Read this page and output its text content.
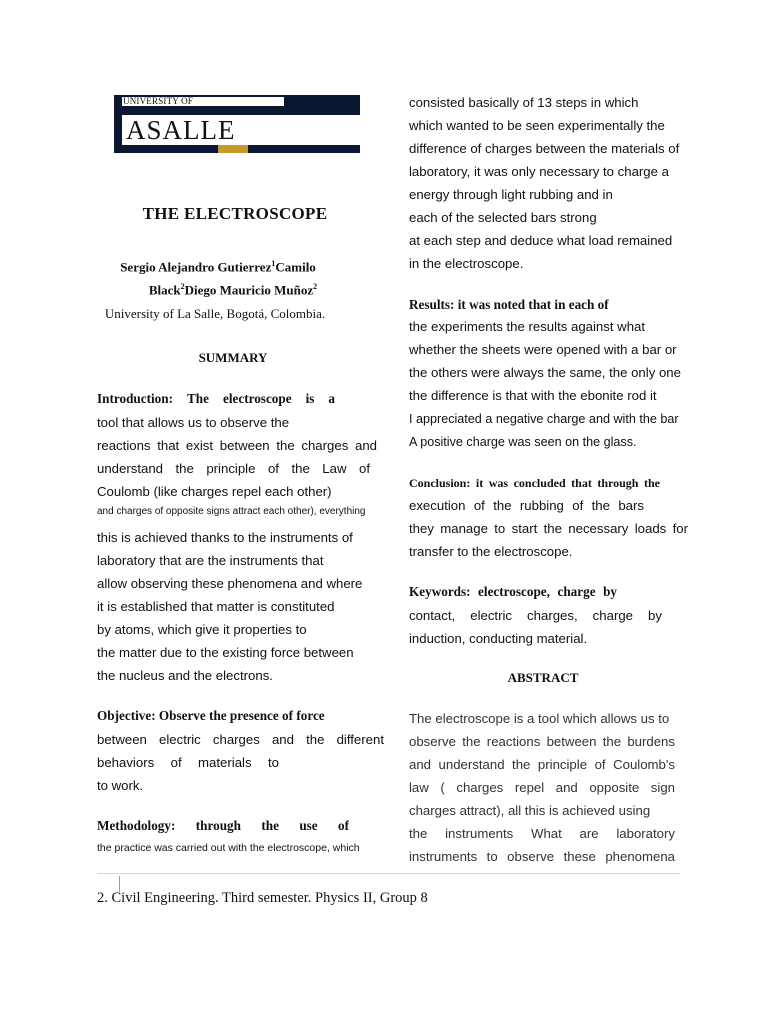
UNIVERSITY OF
ASALLE
THE ELECTROSCOPE
Sergio Alejandro Gutierrez$^1$Camilo
Black$^2$Diego Mauricio Muñoz$^2$
University of La Salle, Bogotá, Colombia.
SUMMARY
Introduction: The electroscope is a
tool that allows us to observe the
reactions that exist between the charges and
understand the principle of the Law of
Coulomb (like charges repel each other)
and charges of opposite signs attract each other), everything
this is achieved thanks to the instruments of
laboratory that are the instruments that
allow observing these phenomena and where
it is established that matter is constituted
by atoms, which give it properties to
the matter due to the existing force between
the nucleus and the electrons.
Objective: Observe the presence of force
between electric charges and the different
behaviors of materials to
to work.
Methodology: through the use of
the practice was carried out with the electroscope, which
consisted basically of 13 steps in which
which wanted to be seen experimentally the
difference of charges between the materials of
laboratory, it was only necessary to charge a
energy through light rubbing and in
each of the selected bars strong
at each step and deduce what load remained
in the electroscope.
Results: it was noted that in each of
the experiments the results against what
whether the sheets were opened with a bar or
the others were always the same, the only one
the difference is that with the ebonite rod it
I appreciated a negative charge and with the bar
A positive charge was seen on the glass.
Conclusion: it was concluded that through the
execution of the rubbing of the bars
they manage to start the necessary loads for
transfer to the electroscope.
Keywords: electroscope, charge by
contact, electric charges, charge by
induction, conducting material.
ABSTRACT
The electroscope is a tool which allows us to
observe the reactions between the burdens
and understand the principle of Coulomb's
law ( charges repel and opposite sign
charges attract), all this is achieved using
the instruments What are laboratory
instruments to observe these phenomena
2. Civil Engineering. Third semester. Physics II, Group 8
